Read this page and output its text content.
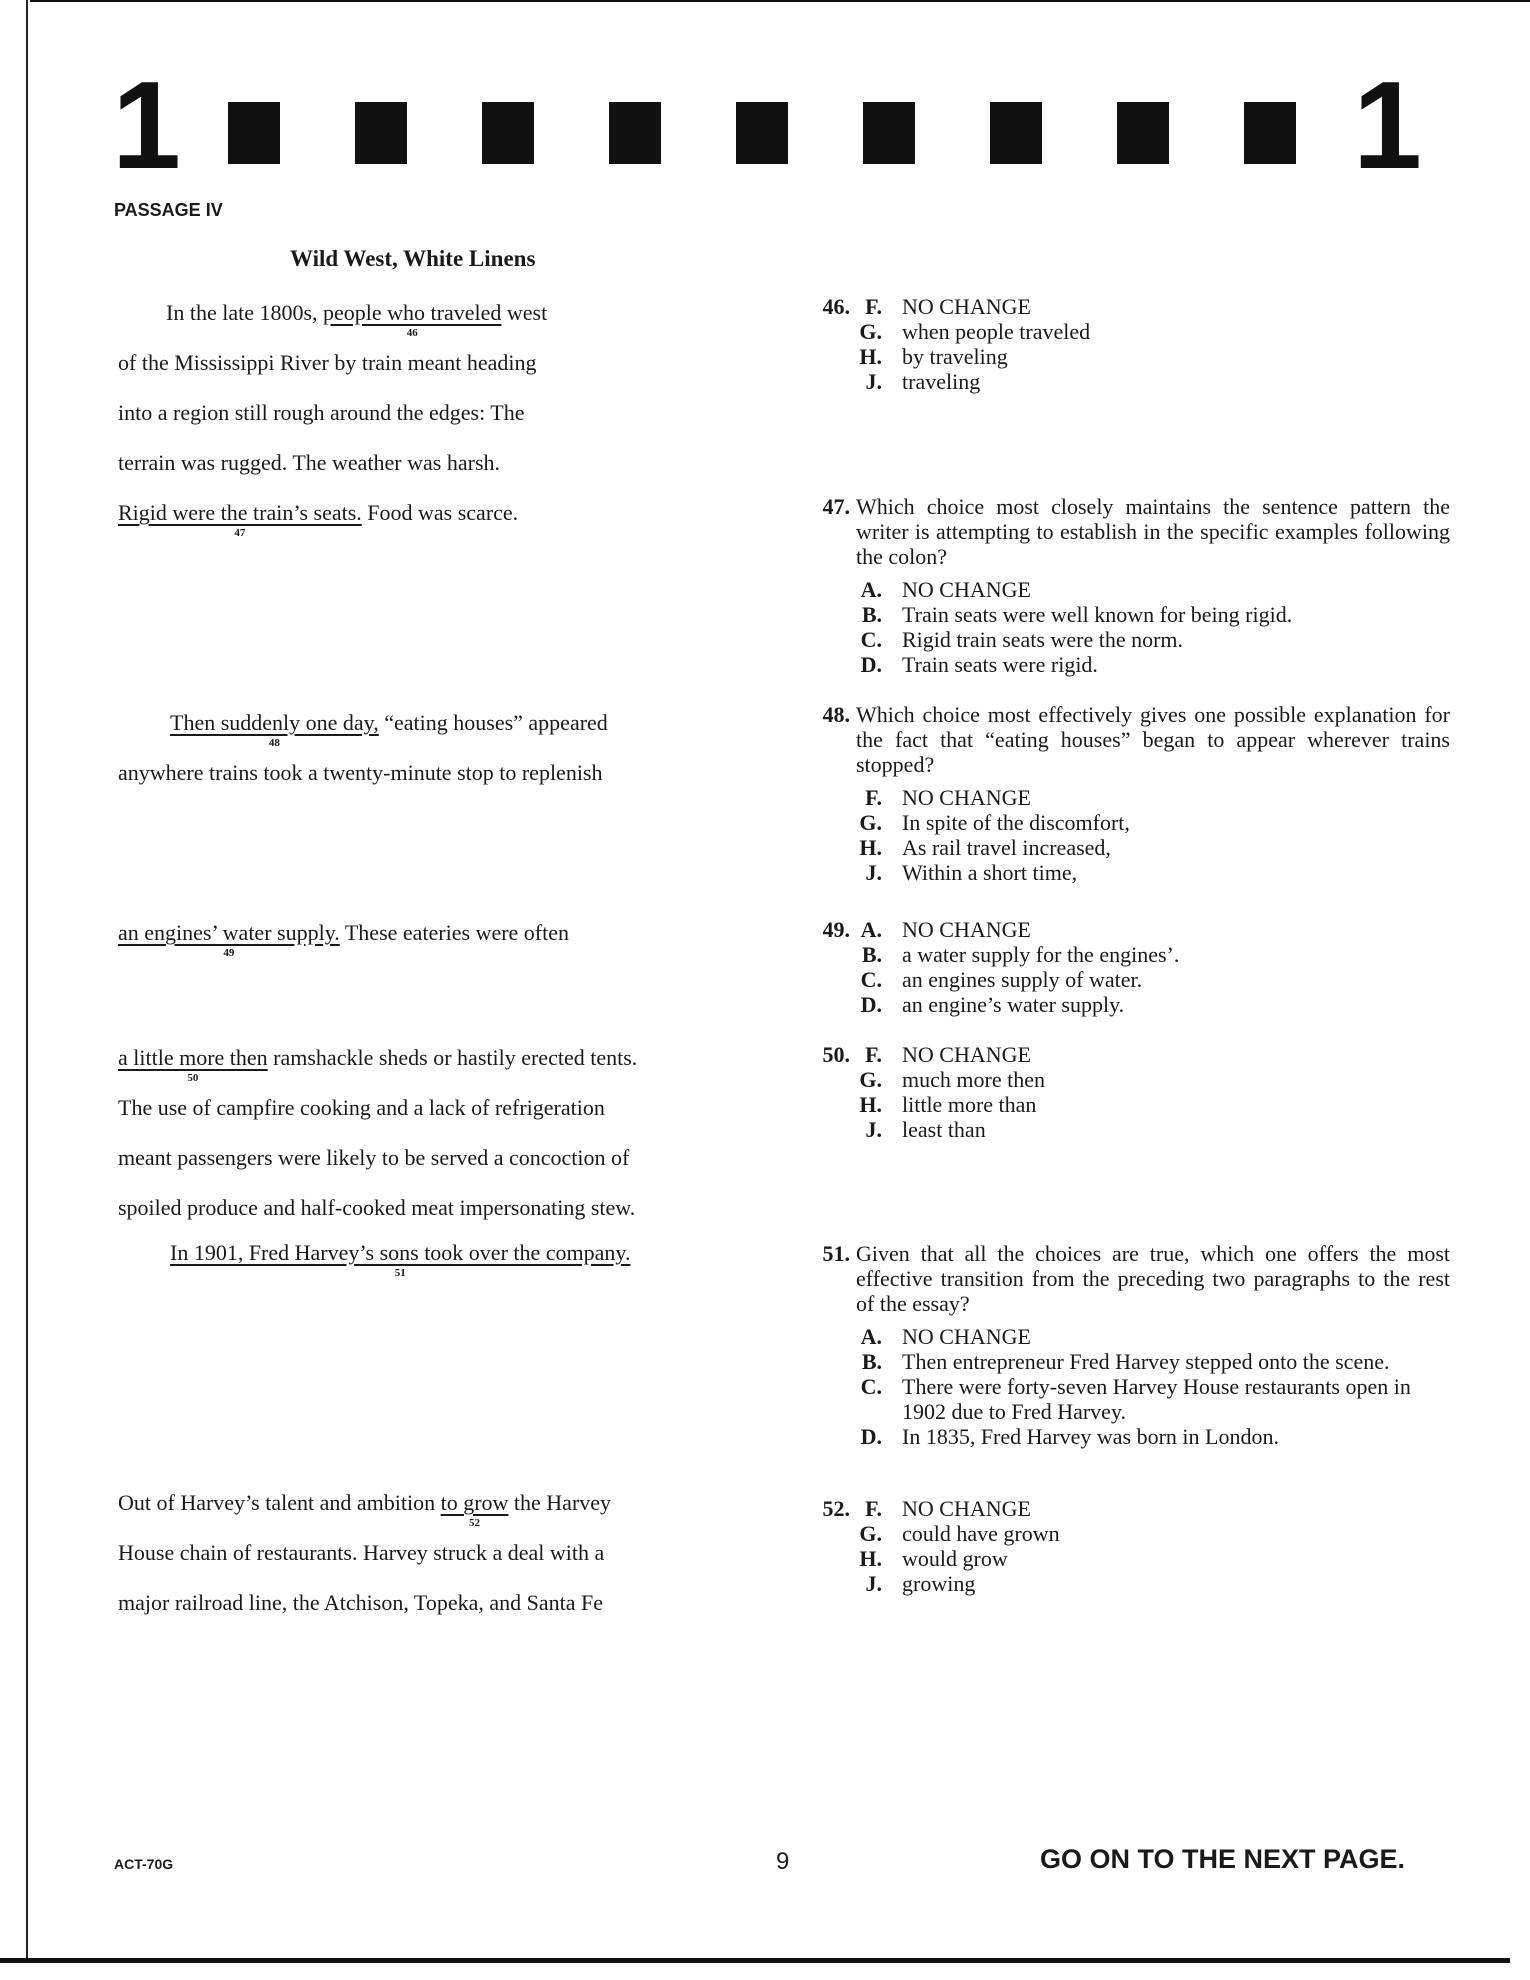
1	1
PASSAGE IV
Wild West, White Linens
In the late 1800s, people who traveled
46
west
of the Mississippi River by train meant heading
into a region still rough around the edges: The
terrain was rugged. The weather was harsh.
Rigid were the train’s seats.
47
Food was scarce.
Then suddenly one day,
48
“eating houses” appeared
anywhere trains took a twenty-minute stop to replenish
an engines’ water supply.
49
These eateries were often
a little more then
50
ramshackle sheds or hastily erected tents.
The use of campfire cooking and a lack of refrigeration
meant passengers were likely to be served a concoction of
spoiled produce and half-cooked meat impersonating stew.
In 1901, Fred Harvey’s sons took over the company.
51
Out of Harvey’s talent and ambition to grow
52
the Harvey
House chain of restaurants. Harvey struck a deal with a
major railroad line, the Atchison, Topeka, and Santa Fe
46. F. NO CHANGE
G. when people traveled
H. by traveling
J. traveling
47. Which choice most closely maintains the sentence pattern the writer is attempting to establish in the specific examples following the colon?
A. NO CHANGE
B. Train seats were well known for being rigid.
C. Rigid train seats were the norm.
D. Train seats were rigid.
48. Which choice most effectively gives one possible explanation for the fact that “eating houses” began to appear wherever trains stopped?
F. NO CHANGE
G. In spite of the discomfort,
H. As rail travel increased,
J. Within a short time,
49. A. NO CHANGE
B. a water supply for the engines’.
C. an engines supply of water.
D. an engine’s water supply.
50. F. NO CHANGE
G. much more then
H. little more than
J. least than
51. Given that all the choices are true, which one offers the most effective transition from the preceding two paragraphs to the rest of the essay?
A. NO CHANGE
B. Then entrepreneur Fred Harvey stepped onto the scene.
C. There were forty-seven Harvey House restaurants open in 1902 due to Fred Harvey.
D. In 1835, Fred Harvey was born in London.
52. F. NO CHANGE
G. could have grown
H. would grow
J. growing
ACT-70G	9	GO ON TO THE NEXT PAGE.
